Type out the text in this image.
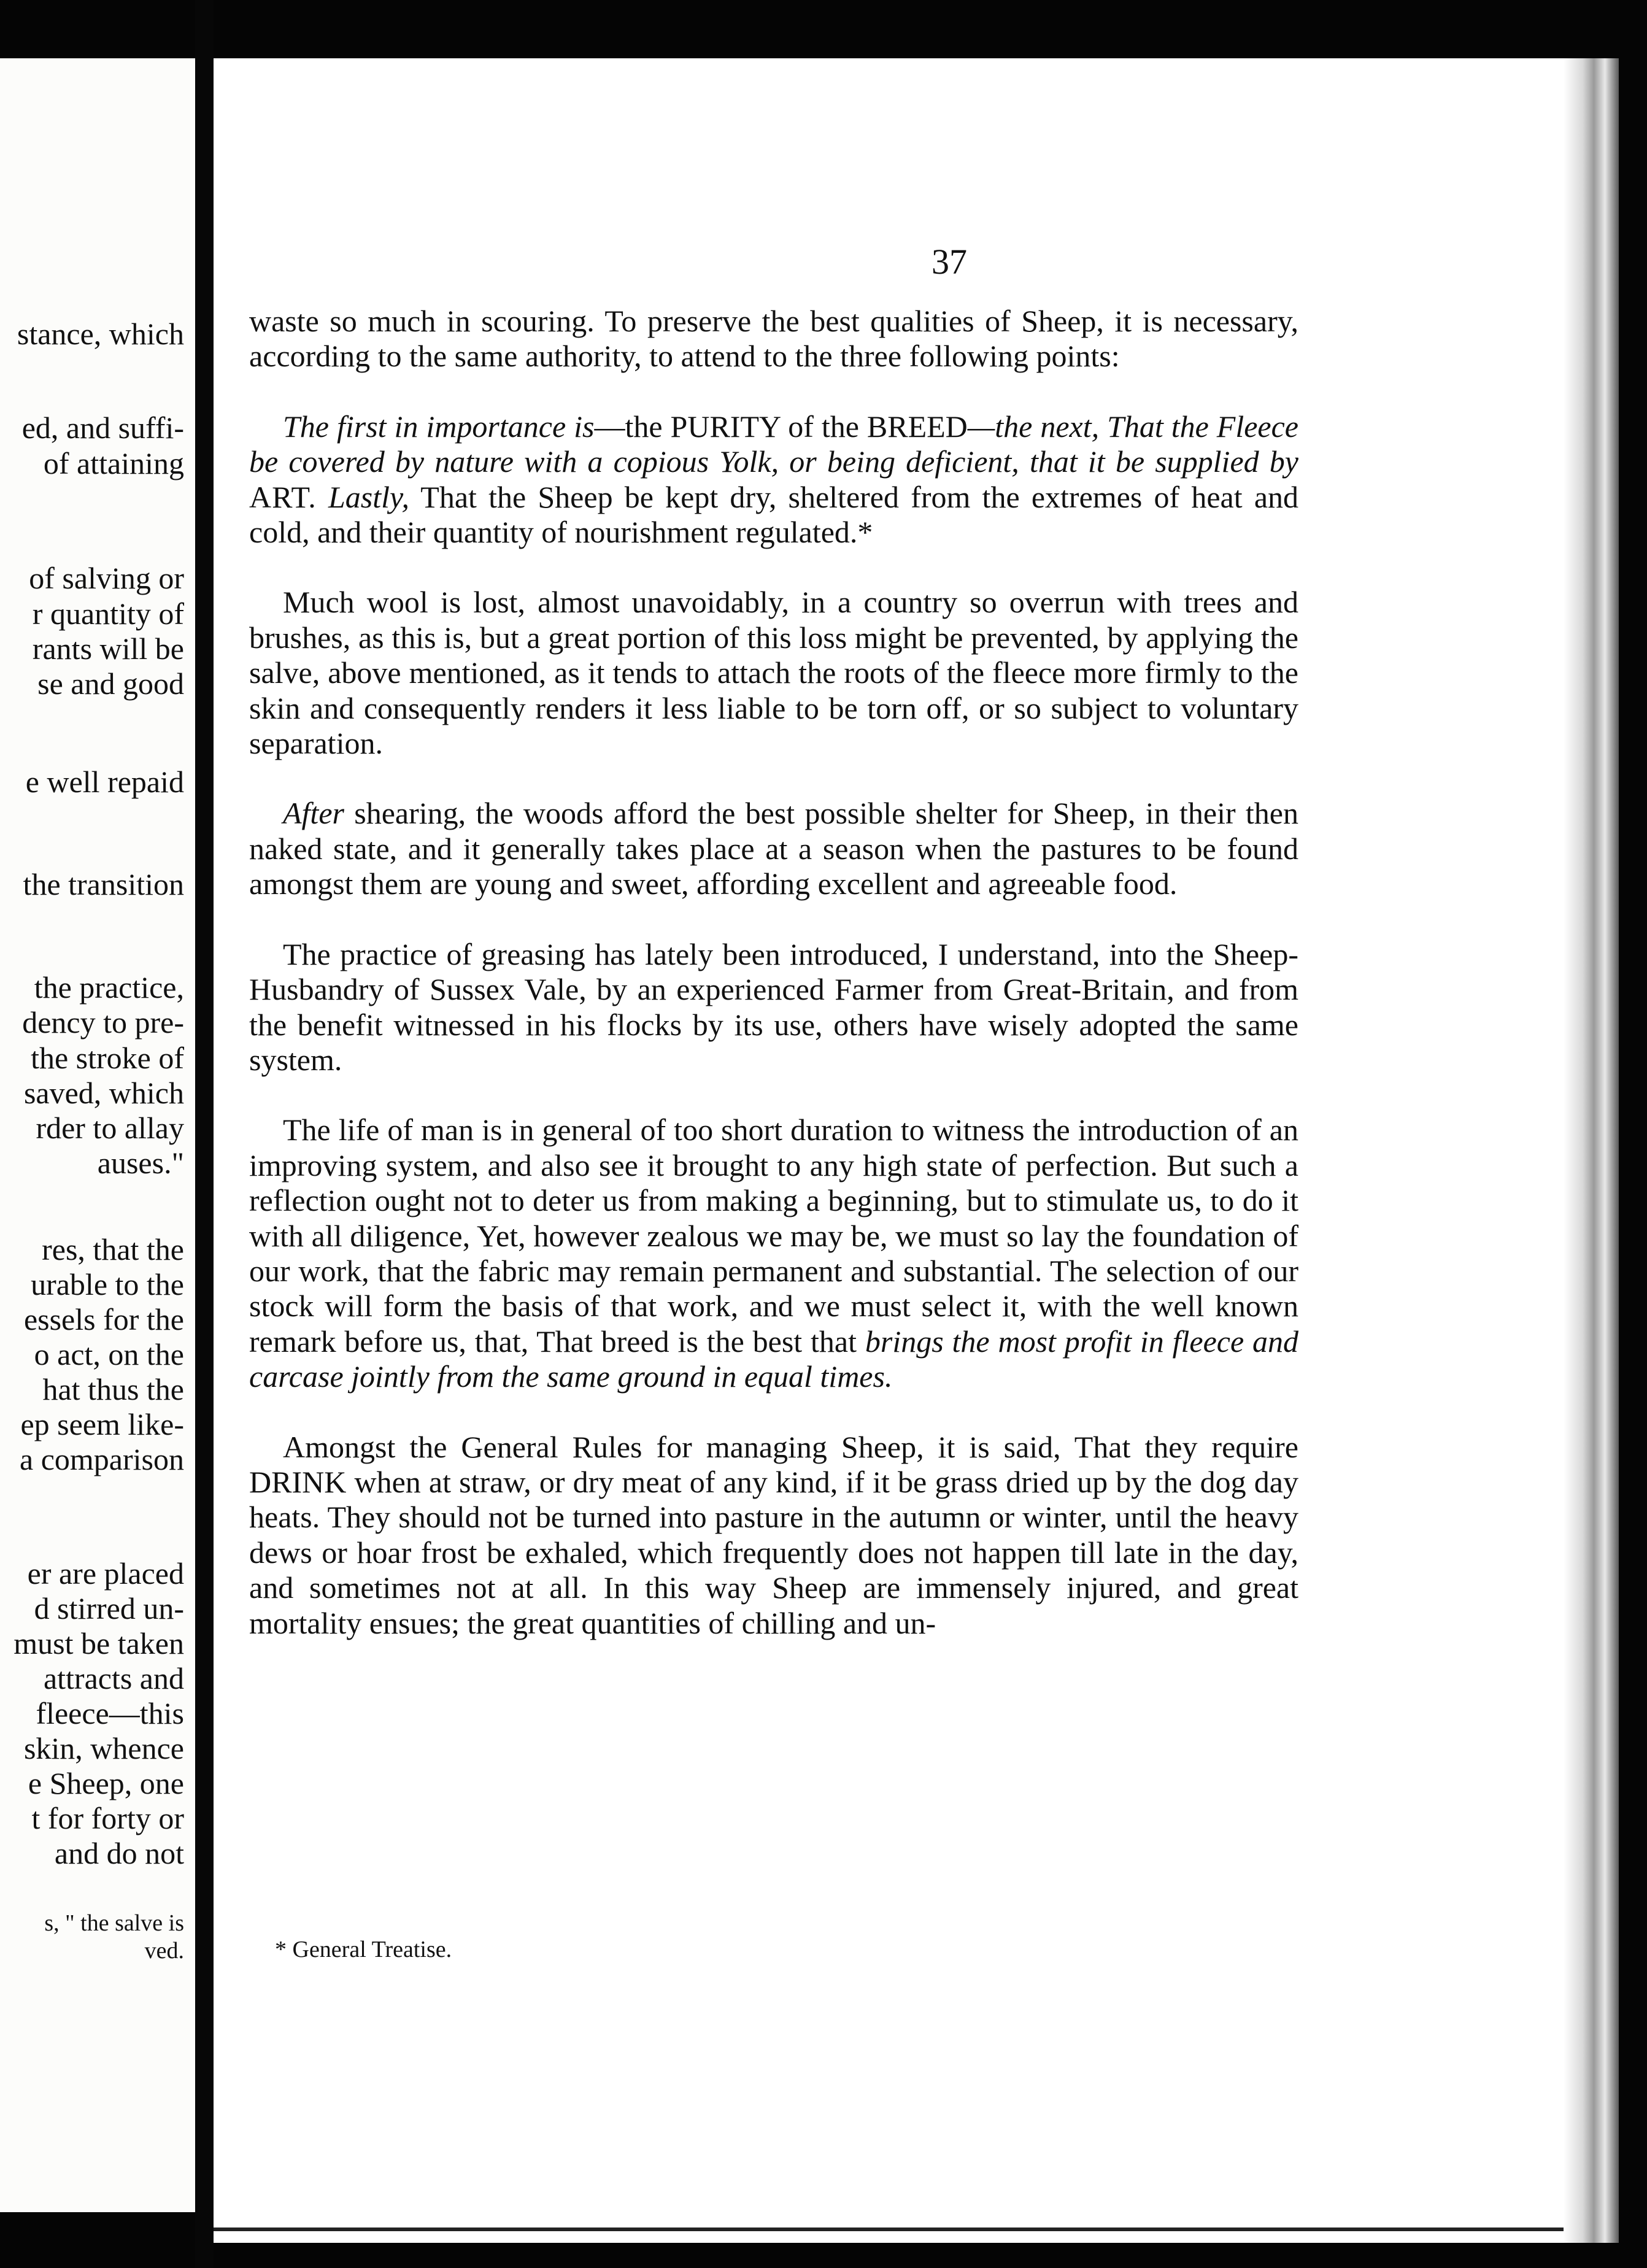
stance, which
ed, and suffi-
of attaining
of salving or
r quantity of
rants will be
se and good
e well repaid
the transition
the practice,
dency to pre-
the stroke of
saved, which
rder to allay
auses."
res, that the
urable to the
essels for the
o act, on the
hat thus the
ep seem like-
a comparison
er are placed
d stirred un-
must be taken
attracts and
fleece—this
skin, whence
e Sheep, one
t for forty or
and do not
s, " the salve is
ved.
37

waste so much in scouring. To preserve the best qualities of Sheep, it is necessary, according to the same authority, to attend to the three following points:

The first in importance is—the PURITY of the BREED—the next, That the Fleece be covered by nature with a copious Yolk, or being deficient, that it be supplied by ART. Lastly, That the Sheep be kept dry, sheltered from the extremes of heat and cold, and their quantity of nourishment regulated.*

Much wool is lost, almost unavoidably, in a country so overrun with trees and brushes, as this is, but a great portion of this loss might be prevented, by applying the salve, above mentioned, as it tends to attach the roots of the fleece more firmly to the skin and consequently renders it less liable to be torn off, or so subject to voluntary separation.

After shearing, the woods afford the best possible shelter for Sheep, in their then naked state, and it generally takes place at a season when the pastures to be found amongst them are young and sweet, affording excellent and agreeable food.

The practice of greasing has lately been introduced, I understand, into the Sheep-Husbandry of Sussex Vale, by an experienced Farmer from Great-Britain, and from the benefit witnessed in his flocks by its use, others have wisely adopted the same system.

The life of man is in general of too short duration to witness the introduction of an improving system, and also see it brought to any high state of perfection. But such a reflection ought not to deter us from making a beginning, but to stimulate us, to do it with all diligence, Yet, however zealous we may be, we must so lay the foundation of our work, that the fabric may remain permanent and substantial. The selection of our stock will form the basis of that work, and we must select it, with the well known remark before us, that, That breed is the best that brings the most profit in fleece and carcase jointly from the same ground in equal times.

Amongst the General Rules for managing Sheep, it is said, That they require DRINK when at straw, or dry meat of any kind, if it be grass dried up by the dog day heats. They should not be turned into pasture in the autumn or winter, until the heavy dews or hoar frost be exhaled, which frequently does not happen till late in the day, and sometimes not at all. In this way Sheep are immensely injured, and great mortality ensues; the great quantities of chilling and un-

* General Treatise.
